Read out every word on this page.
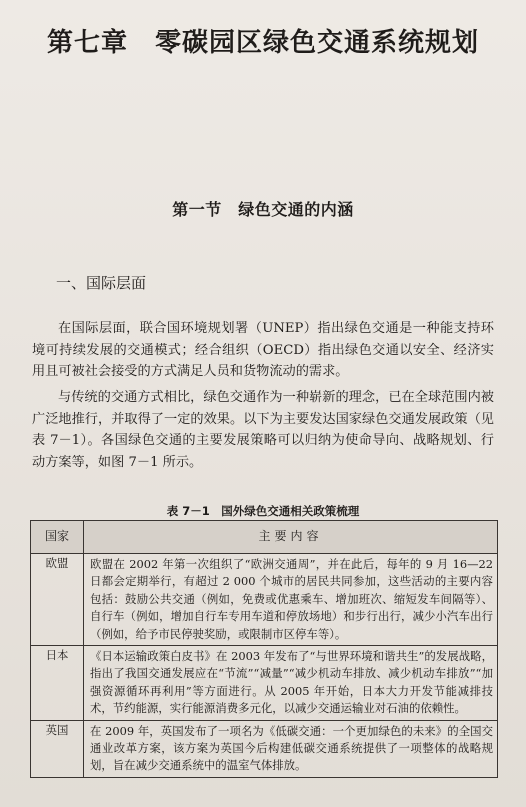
第七章　零碳园区绿色交通系统规划
第一节　绿色交通的内涵
一、国际层面

在国际层面，联合国环境规划署（UNEP）指出绿色交通是一种能支持环境可持续发展的交通模式；经合组织（OECD）指出绿色交通以安全、经济实用且可被社会接受的方式满足人员和货物流动的需求。

与传统的交通方式相比，绿色交通作为一种崭新的理念，已在全球范围内被广泛地推行，并取得了一定的效果。以下为主要发达国家绿色交通发展政策（见表 7－1）。各国绿色交通的主要发展策略可以归纳为使命导向、战略规划、行动方案等，如图 7－1 所示。

表 7－1　国外绿色交通相关政策梳理
国家	主要内容
欧盟	欧盟在 2002 年第一次组织了“欧洲交通周”，并在此后，每年的 9 月 16—22 日都会定期举行，有超过 2 000 个城市的居民共同参加，这些活动的主要内容包括：鼓励公共交通（例如，免费或优惠乘车、增加班次、缩短发车间隔等）、自行车（例如，增加自行车专用车道和停放场地）和步行出行，减少小汽车出行（例如，给予市民停驶奖励，或限制市区停车等）。
日本	《日本运输政策白皮书》在 2003 年发布了“与世界环境和谐共生”的发展战略，指出了我国交通发展应在“节流”“减量”“减少机动车排放、减少机动车排放”“加强资源循环再利用”等方面进行。从 2005 年开始，日本大力开发节能减排技术，节约能源，实行能源消费多元化，以减少交通运输业对石油的依赖性。
英国	在 2009 年，英国发布了一项名为《低碳交通：一个更加绿色的未来》的全国交通业改革方案，该方案为英国今后构建低碳交通系统提供了一项整体的战略规划，旨在减少交通系统中的温室气体排放。
